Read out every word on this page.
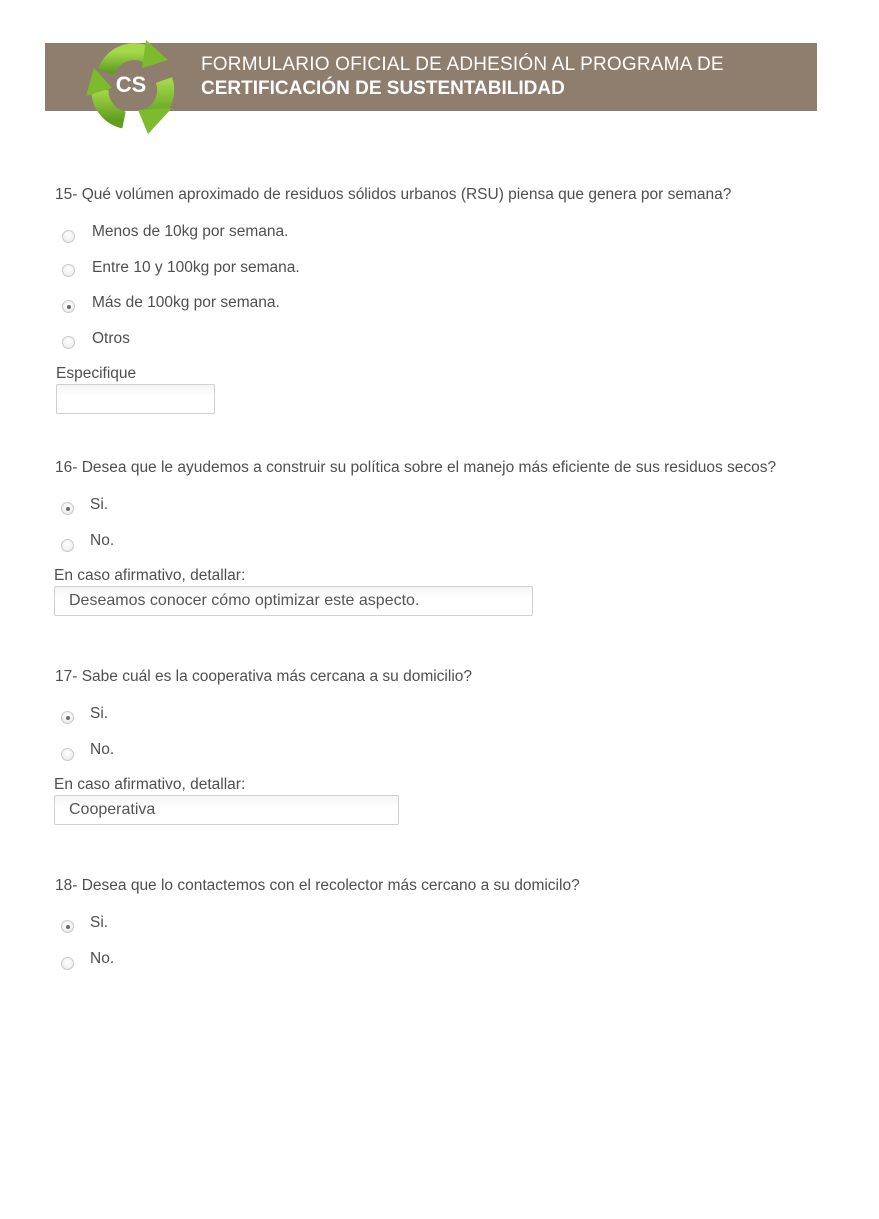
FORMULARIO OFICIAL DE ADHESIÓN AL PROGRAMA DE
CERTIFICACIÓN DE SUSTENTABILIDAD
CS
15- Qué volúmen aproximado de residuos sólidos urbanos (RSU) piensa que genera por semana?
Menos de 10kg por semana.
Entre 10 y 100kg por semana.
Más de 100kg por semana.
Otros
Especifique
16- Desea que le ayudemos a construir su política sobre el manejo más eficiente de sus residuos secos?
Si.
No.
En caso afirmativo, detallar:
Deseamos conocer cómo optimizar este aspecto.
17- Sabe cuál es la cooperativa más cercana a su domicilio?
Si.
No.
En caso afirmativo, detallar:
Cooperativa
18- Desea que lo contactemos con el recolector más cercano a su domicilo?
Si.
No.
